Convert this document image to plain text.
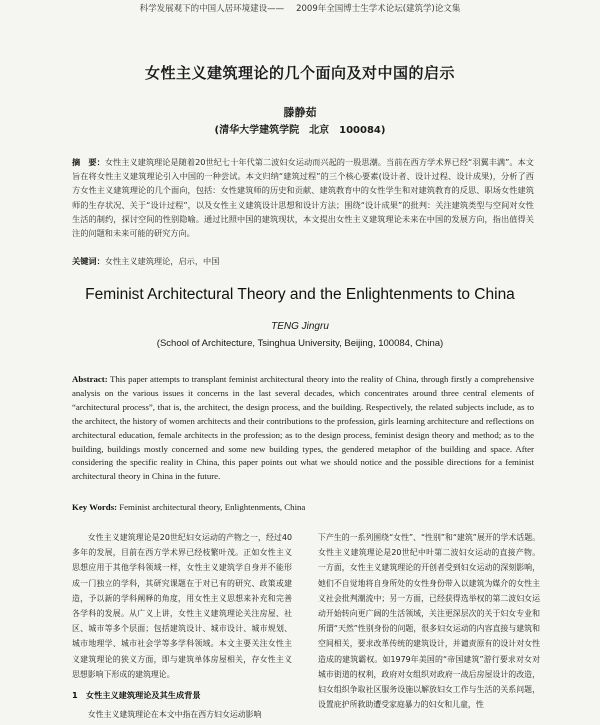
科学发展观下的中国人居环境建设—— 2009年全国博士生学术论坛(建筑学)论文集
女性主义建筑理论的几个面向及对中国的启示
滕静茹
(清华大学建筑学院　北京　100084)
摘　要：女性主义建筑理论是随着20世纪七十年代第二波妇女运动而兴起的一股思潮。当前在西方学术界已经“羽翼丰满”。本文旨在将女性主义建筑理论引入中国的一种尝试。本文归纳“建筑过程”的三个核心要素(设计者、设计过程、设计成果)，分析了西方女性主义建筑理论的几个面向，包括：女性建筑师的历史和贡献、建筑教育中的女性学生和对建筑教育的反思、职场女性建筑师的生存状况、关于“设计过程”，以及女性主义建筑设计思想和设计方法；围绕“设计成果”的批判：关注建筑类型与空间对女性生活的制约，探讨空间的性别隐喻。通过比照中国的建筑现状，本文提出女性主义建筑理论未来在中国的发展方向，指出值得关注的问题和未来可能的研究方向。
关键词：女性主义建筑理论，启示，中国
Feminist Architectural Theory and the Enlightenments to China
TENG Jingru
(School of Architecture, Tsinghua University, Beijing, 100084, China)
Abstract: This paper attempts to transplant feminist architectural theory into the reality of China, through firstly a comprehensive analysis on the various issues it concerns in the last several decades, which concentrates around three central elements of “architectural process”, that is, the architect, the design process, and the building. Respectively, the related subjects include, as to the architect, the history of women architects and their contributions to the profession, girls learning architecture and reflections on architectural education, female architects in the profession; as to the design process, feminist design theory and method; as to the building, buildings mostly concerned and some new building types, the gendered metaphor of the building and space. After considering the specific reality in China, this paper points out what we should notice and the possible directions for a feminist architectural theory in China in the future.
Key Words: Feminist architectural theory, Enlightenments, China

女性主义建筑理论是20世纪妇女运动的产物之一，经过40多年的发展，目前在西方学术界已经枝繁叶茂。正如女性主义思想应用于其他学科领域一样，女性主义建筑学自身并不能形成一门独立的学科，其研究课题在于对已有的研究、政策或建造，予以新的学科阐释的角度，用女性主义思想来补充和完善各学科的发展。从广义上讲，女性主义建筑理论关注房屋、社区、城市等多个层面；包括建筑设计、城市设计、城市规划、城市地理学、城市社会学等多学科领域。本文主要关注女性主义建筑理论的狭义方面，即与建筑单体房屋相关，存女性主义思想影响下形成的建筑理论。

1　女性主义建筑理论及其生成背景

女性主义建筑理论在本文中指在西方妇女运动影响

下产生的一系列围绕“女性”、“性别”和“建筑”展开的学术话题。女性主义建筑理论是20世纪中叶第二波妇女运动的直接产物。一方面，女性主义建筑理论的开创者受到妇女运动的深刻影响，她们不自觉地将自身所处的女性身份带入以建筑为媒介的女性主义社会批判潮流中；另一方面，已经获得选举权的第二波妇女运动开始转向更广阔的生活领域，关注更深层次的关于妇女专业和所谓“天然”性别身份的问题，很多妇女运动的内容直接与建筑和空间相关，要求改革传统的建筑设计，并谴责原有的设计对女性造成的建筑霸权。如1979年美国的“帝国建筑”游行要求对女对城市街道的权利，政府对女组织对政府一战后房屋设计的改造，妇女组织争取社区服务设施以解放妇女工作与生活的关系问题，设置庇护所救助遭受家庭暴力的妇女和儿童，性
